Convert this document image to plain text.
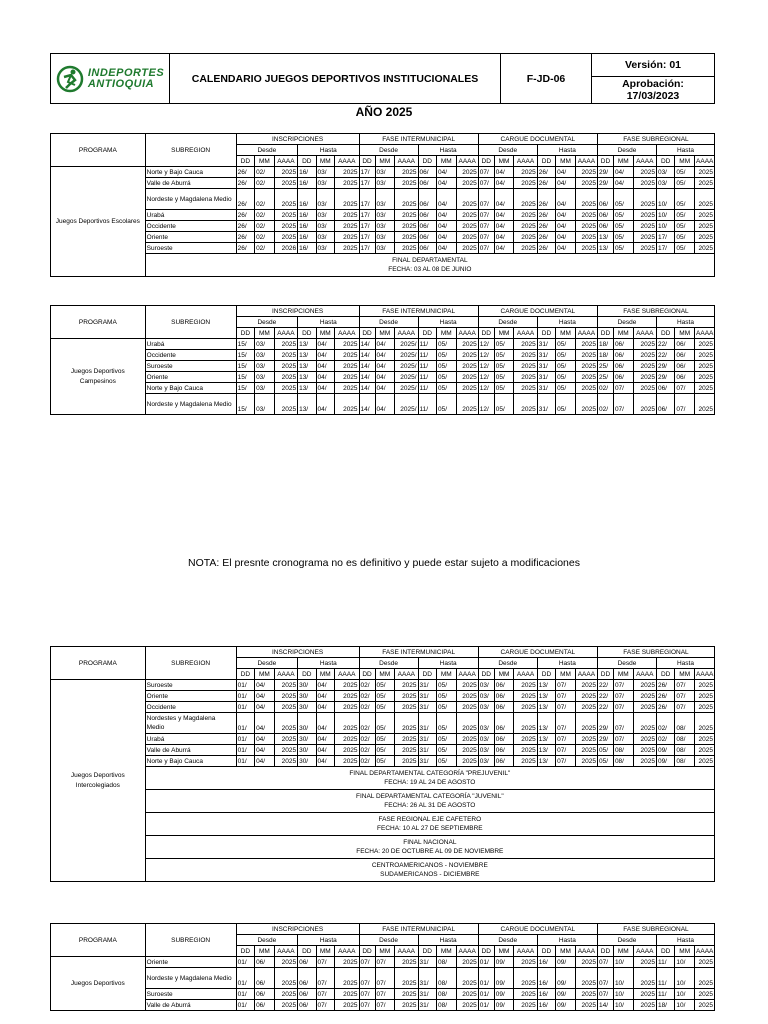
INDEPORTES
ANTIOQUIA	CALENDARIO JUEGOS DEPORTIVOS INSTITUCIONALES	F-JD-06	Versión: 01

Aprobación:
17/03/2023
AÑO 2025
PROGRAMA	SUBREGION	INSCRIPCIONES						FASE INTERMUNICIPAL						CARGUE DOCUMENTAL						FASE SUBREGIONAL					
		Desde			Hasta			Desde			Hasta			Desde			Hasta			Desde			Hasta		
		DD	MM	AAAA	DD	MM	AAAA	DD	MM	AAAA	DD	MM	AAAA	DD	MM	AAAA	DD	MM	AAAA	DD	MM	AAAA	DD	MM	AAAA
Juegos Deportivos Escolares	Norte y Bajo Cauca	26/	02/	2025	16/	03/	2025	17/	03/	2025	06/	04/	2025	07/	04/	2025	26/	04/	2025	29/	04/	2025	03/	05/	2025
	Valle de Aburrá	26/	02/	2025	16/	03/	2025	17/	03/	2025	06/	04/	2025	07/	04/	2025	26/	04/	2025	29/	04/	2025	03/	05/	2025
	Nordeste y Magdalena Medio	26/	02/	2025	16/	03/	2025	17/	03/	2025	06/	04/	2025	07/	04/	2025	26/	04/	2025	06/	05/	2025	10/	05/	2025
	Urabá	26/	02/	2025	16/	03/	2025	17/	03/	2025	06/	04/	2025	07/	04/	2025	26/	04/	2025	06/	05/	2025	10/	05/	2025
	Occidente	26/	02/	2025	16/	03/	2025	17/	03/	2025	06/	04/	2025	07/	04/	2025	26/	04/	2025	06/	05/	2025	10/	05/	2025
	Oriente	26/	02/	2025	16/	03/	2025	17/	03/	2025	06/	04/	2025	07/	04/	2025	26/	04/	2025	13/	05/	2025	17/	05/	2025
	Suroeste	26/	02/	2026	16/	03/	2025	17/	03/	2025	06/	04/	2025	07/	04/	2025	26/	04/	2025	13/	05/	2025	17/	05/	2025

	FINAL DEPARTAMENTAL
FECHA: 03 AL 08 DE JUNIO																								
PROGRAMA	SUBREGION	INSCRIPCIONES						FASE INTERMUNICIPAL						CARGUE DOCUMENTAL						FASE SUBREGIONAL					
		Desde			Hasta			Desde			Hasta			Desde			Hasta			Desde			Hasta		
		DD	MM	AAAA	DD	MM	AAAA	DD	MM	AAAA	DD	MM	AAAA	DD	MM	AAAA	DD	MM	AAAA	DD	MM	AAAA	DD	MM	AAAA
Juegos Deportivos Campesinos	Urabá	15/	03/	2025	13/	04/	2025	14/	04/	2025/	11/	05/	2025	12/	05/	2025	31/	05/	2025	18/	06/	2025	22/	06/	2025
	Occidente	15/	03/	2025	13/	04/	2025	14/	04/	2025/	11/	05/	2025	12/	05/	2025	31/	05/	2025	18/	06/	2025	22/	06/	2025
	Suroeste	15/	03/	2025	13/	04/	2025	14/	04/	2025/	11/	05/	2025	12/	05/	2025	31/	05/	2025	25/	06/	2025	29/	06/	2025
	Oriente	15/	03/	2025	13/	04/	2025	14/	04/	2025/	11/	05/	2025	12/	05/	2025	31/	05/	2025	25/	06/	2025	29/	06/	2025
	Norte y Bajo Cauca	15/	03/	2025	13/	04/	2025	14/	04/	2025/	11/	05/	2025	12/	05/	2025	31/	05/	2025	02/	07/	2025	06/	07/	2025
	Nordeste y Magdalena Medio	15/	03/	2025	13/	04/	2025	14/	04/	2025/	11/	05/	2025	12/	05/	2025	31/	05/	2025	02/	07/	2025	06/	07/	2025
PROGRAMA	SUBREGION	INSCRIPCIONES						FASE INTERMUNICIPAL						CARGUE DOCUMENTAL						FASE SUBREGIONAL					
		Desde			Hasta			Desde			Hasta			Desde			Hasta			Desde			Hasta		
		DD	MM	AAAA	DD	MM	AAAA	DD	MM	AAAA	DD	MM	AAAA	DD	MM	AAAA	DD	MM	AAAA	DD	MM	AAAA	DD	MM	AAAA
Juegos Deportivos Intercolegiados	Suroeste	01/	04/	2025	30/	04/	2025	02/	05/	2025	31/	05/	2025	03/	06/	2025	13/	07/	2025	22/	07/	2025	26/	07/	2025
	Oriente	01/	04/	2025	30/	04/	2025	02/	05/	2025	31/	05/	2025	03/	06/	2025	13/	07/	2025	22/	07/	2025	26/	07/	2025
	Occidente	01/	04/	2025	30/	04/	2025	02/	05/	2025	31/	05/	2025	03/	06/	2025	13/	07/	2025	22/	07/	2025	26/	07/	2025
	Nordestes y Magdalena Medio	01/	04/	2025	30/	04/	2025	02/	05/	2025	31/	05/	2025	03/	06/	2025	13/	07/	2025	29/	07/	2025	02/	08/	2025
	Urabá	01/	04/	2025	30/	04/	2025	02/	05/	2025	31/	05/	2025	03/	06/	2025	13/	07/	2025	29/	07/	2025	02/	08/	2025
	Valle de Aburrá	01/	04/	2025	30/	04/	2025	02/	05/	2025	31/	05/	2025	03/	06/	2025	13/	07/	2025	05/	08/	2025	09/	08/	2025
	Norte y Bajo Cauca	01/	04/	2025	30/	04/	2025	02/	05/	2025	31/	05/	2025	03/	06/	2025	13/	07/	2025	05/	08/	2025	09/	08/	2025

	FINAL DEPARTAMENTAL CATEGORÍA "PREJUVENIL"
FECHA: 19 AL 24 DE AGOSTO																								

	FINAL DEPARTAMENTAL CATEGORÍA "JUVENIL"
FECHA: 26 AL 31 DE AGOSTO																								

	FASE REGIONAL EJE CAFETERO
FECHA: 10 AL 27 DE SEPTIEMBRE																								

	FINAL NACIONAL
FECHA: 20 DE OCTUBRE AL 09 DE NOVIEMBRE																								

	CENTROAMERICANOS - NOVIEMBRE
SUDAMERICANOS - DICIEMBRE																								
PROGRAMA	SUBREGION	INSCRIPCIONES						FASE INTERMUNICIPAL						CARGUE DOCUMENTAL						FASE SUBREGIONAL					
		Desde			Hasta			Desde			Hasta			Desde			Hasta			Desde			Hasta		
		DD	MM	AAAA	DD	MM	AAAA	DD	MM	AAAA	DD	MM	AAAA	DD	MM	AAAA	DD	MM	AAAA	DD	MM	AAAA	DD	MM	AAAA
Juegos Deportivos	Oriente	01/	06/	2025	06/	07/	2025	07/	07/	2025	31/	08/	2025	01/	09/	2025	16/	09/	2025	07/	10/	2025	11/	10/	2025
	Nordeste y Magdalena Medio	01/	06/	2025	06/	07/	2025	07/	07/	2025	31/	08/	2025	01/	09/	2025	16/	09/	2025	07/	10/	2025	11/	10/	2025
	Suroeste	01/	06/	2025	06/	07/	2025	07/	07/	2025	31/	08/	2025	01/	09/	2025	16/	09/	2025	07/	10/	2025	11/	10/	2025
	Valle de Aburrá	01/	06/	2025	06/	07/	2025	07/	07/	2025	31/	08/	2025	01/	09/	2025	16/	09/	2025	14/	10/	2025	18/	10/	2025
NOTA: El presnte cronograma no es definitivo y puede estar sujeto a modificaciones
